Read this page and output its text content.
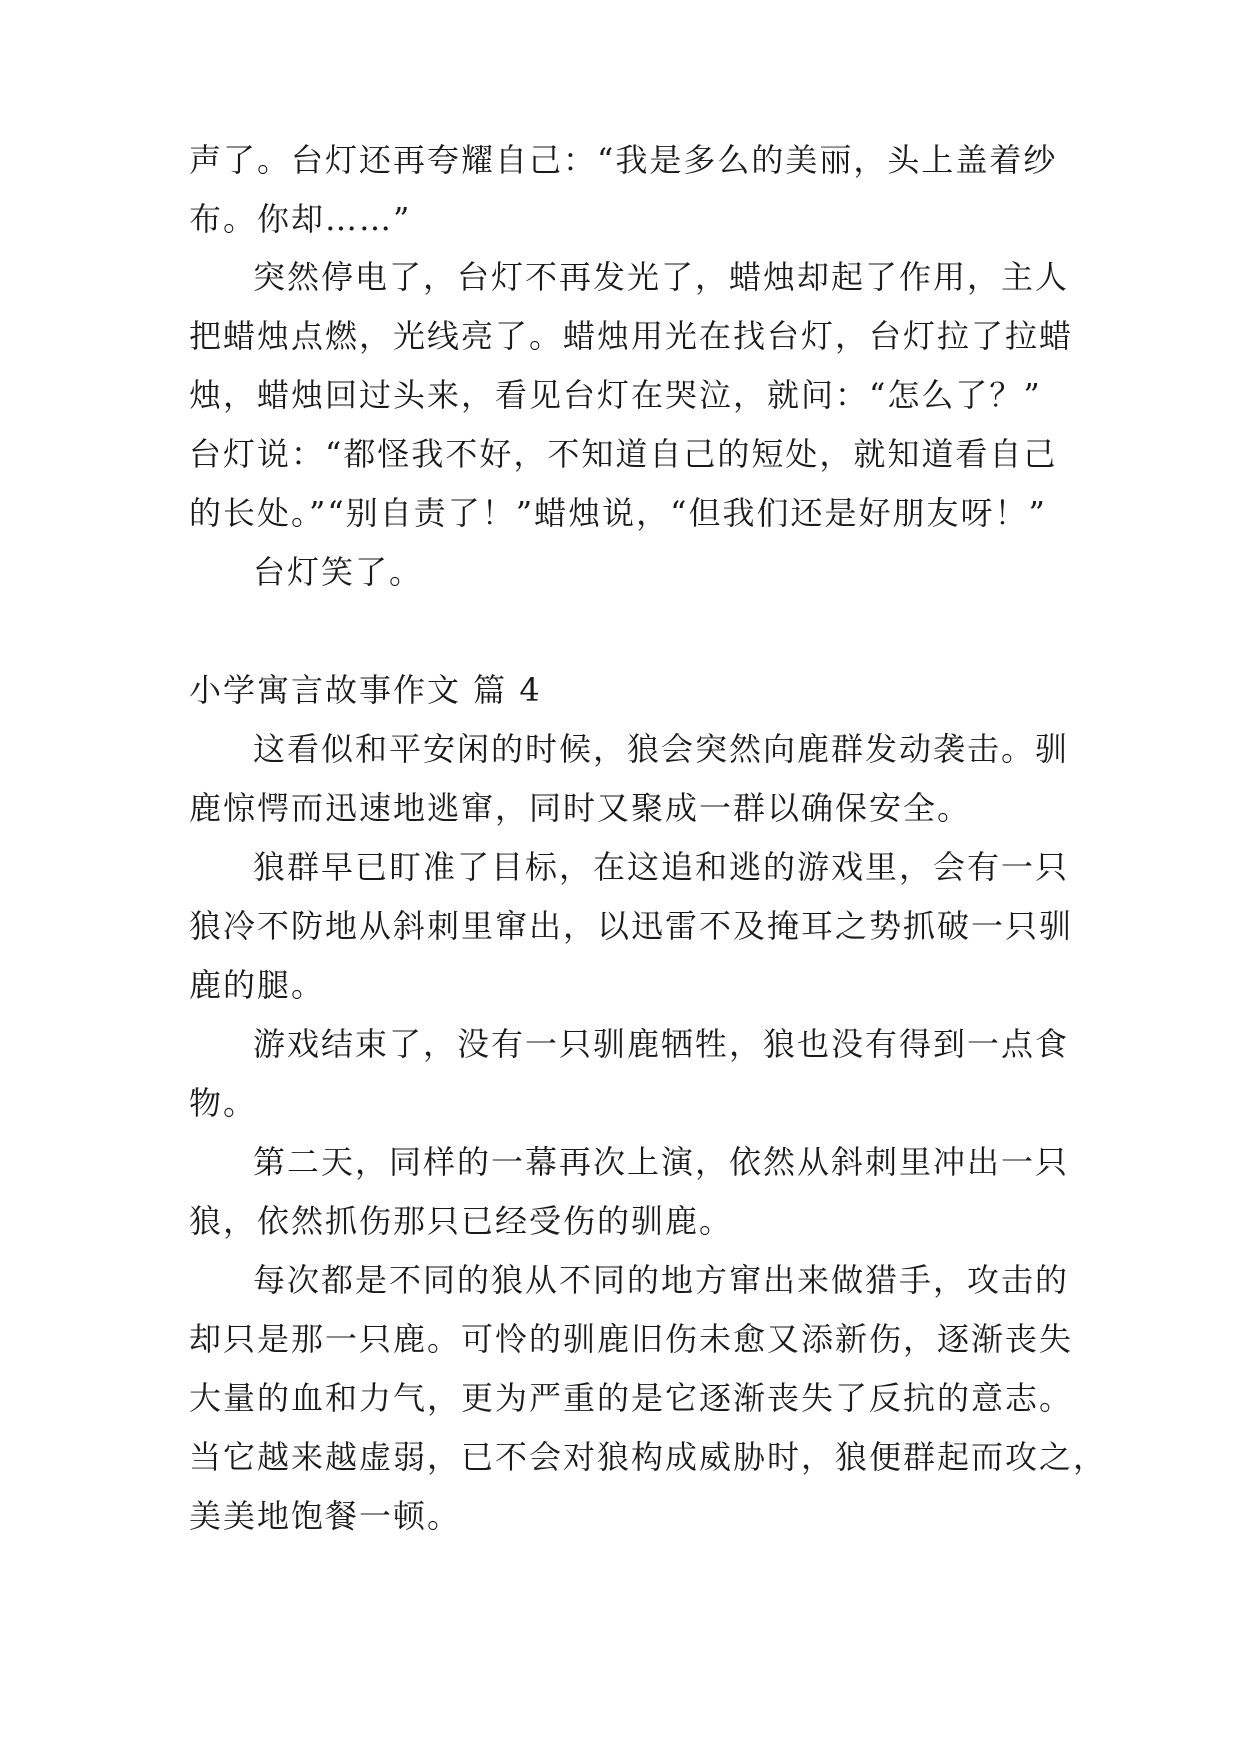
声了。台灯还再夸耀自己：“我是多么的美丽，头上盖着纱
布。你却……”
突然停电了，台灯不再发光了，蜡烛却起了作用，主人
把蜡烛点燃，光线亮了。蜡烛用光在找台灯，台灯拉了拉蜡
烛，蜡烛回过头来，看见台灯在哭泣，就问：“怎么了？”
台灯说：“都怪我不好，不知道自己的短处，就知道看自己
的长处。”“别自责了！”蜡烛说，“但我们还是好朋友呀！”
台灯笑了。
小学寓言故事作文 篇 4
这看似和平安闲的时候，狼会突然向鹿群发动袭击。驯
鹿惊愕而迅速地逃窜，同时又聚成一群以确保安全。
狼群早已盯准了目标，在这追和逃的游戏里，会有一只
狼冷不防地从斜刺里窜出，以迅雷不及掩耳之势抓破一只驯
鹿的腿。
游戏结束了，没有一只驯鹿牺牲，狼也没有得到一点食
物。
第二天，同样的一幕再次上演，依然从斜刺里冲出一只
狼，依然抓伤那只已经受伤的驯鹿。
每次都是不同的狼从不同的地方窜出来做猎手，攻击的
却只是那一只鹿。可怜的驯鹿旧伤未愈又添新伤，逐渐丧失
大量的血和力气，更为严重的是它逐渐丧失了反抗的意志。
当它越来越虚弱，已不会对狼构成威胁时，狼便群起而攻之，
美美地饱餐一顿。
